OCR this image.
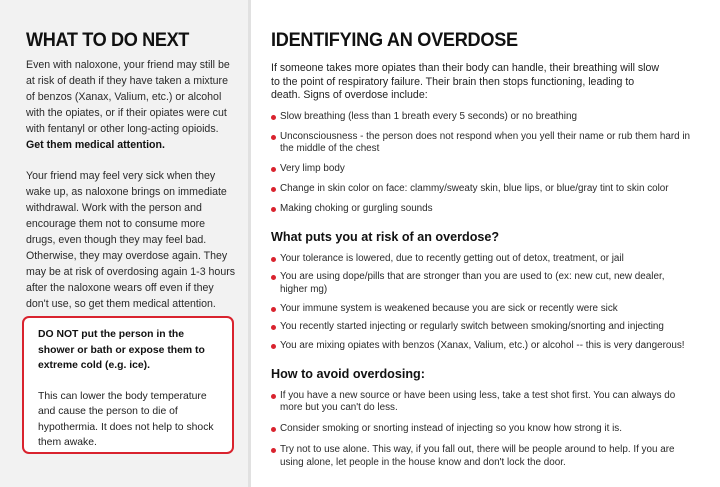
WHAT TO DO NEXT

Even with naloxone, your friend may still be at risk of death if they have taken a mixture of benzos (Xanax, Valium, etc.) or alcohol with the opiates, or if their opiates were cut with fentanyl or other long-acting opioids. Get them medical attention.

Your friend may feel very sick when they wake up, as naloxone brings on immediate withdrawal. Work with the person and encourage them not to consume more drugs, even though they may feel bad. Otherwise, they may overdose again. They may be at risk of overdosing again 1-3 hours after the naloxone wears off even if they don't use, so get them medical attention.

DO NOT put the person in the shower or bath or expose them to extreme cold (e.g. ice).

This can lower the body temperature and cause the person to die of hypothermia. It does not help to shock them awake.

IDENTIFYING AN OVERDOSE

If someone takes more opiates than their body can handle, their breathing will slow to the point of respiratory failure. Their brain then stops functioning, leading to death. Signs of overdose include:

Slow breathing (less than 1 breath every 5 seconds) or no breathing
Unconsciousness - the person does not respond when you yell their name or rub them hard in the middle of the chest
Very limp body
Change in skin color on face: clammy/sweaty skin, blue lips, or blue/gray tint to skin color
Making choking or gurgling sounds
What puts you at risk of an overdose?
Your tolerance is lowered, due to recently getting out of detox, treatment, or jail
You are using dope/pills that are stronger than you are used to (ex: new cut, new dealer, higher mg)
Your immune system is weakened because you are sick or recently were sick
You recently started injecting or regularly switch between smoking/snorting and injecting
You are mixing opiates with benzos (Xanax, Valium, etc.) or alcohol -- this is very dangerous!
How to avoid overdosing:
If you have a new source or have been using less, take a test shot first. You can always do more but you can't do less.
Consider smoking or snorting instead of injecting so you know how strong it is.
Try not to use alone. This way, if you fall out, there will be people around to help. If you are using alone, let people in the house know and don't lock the door.
